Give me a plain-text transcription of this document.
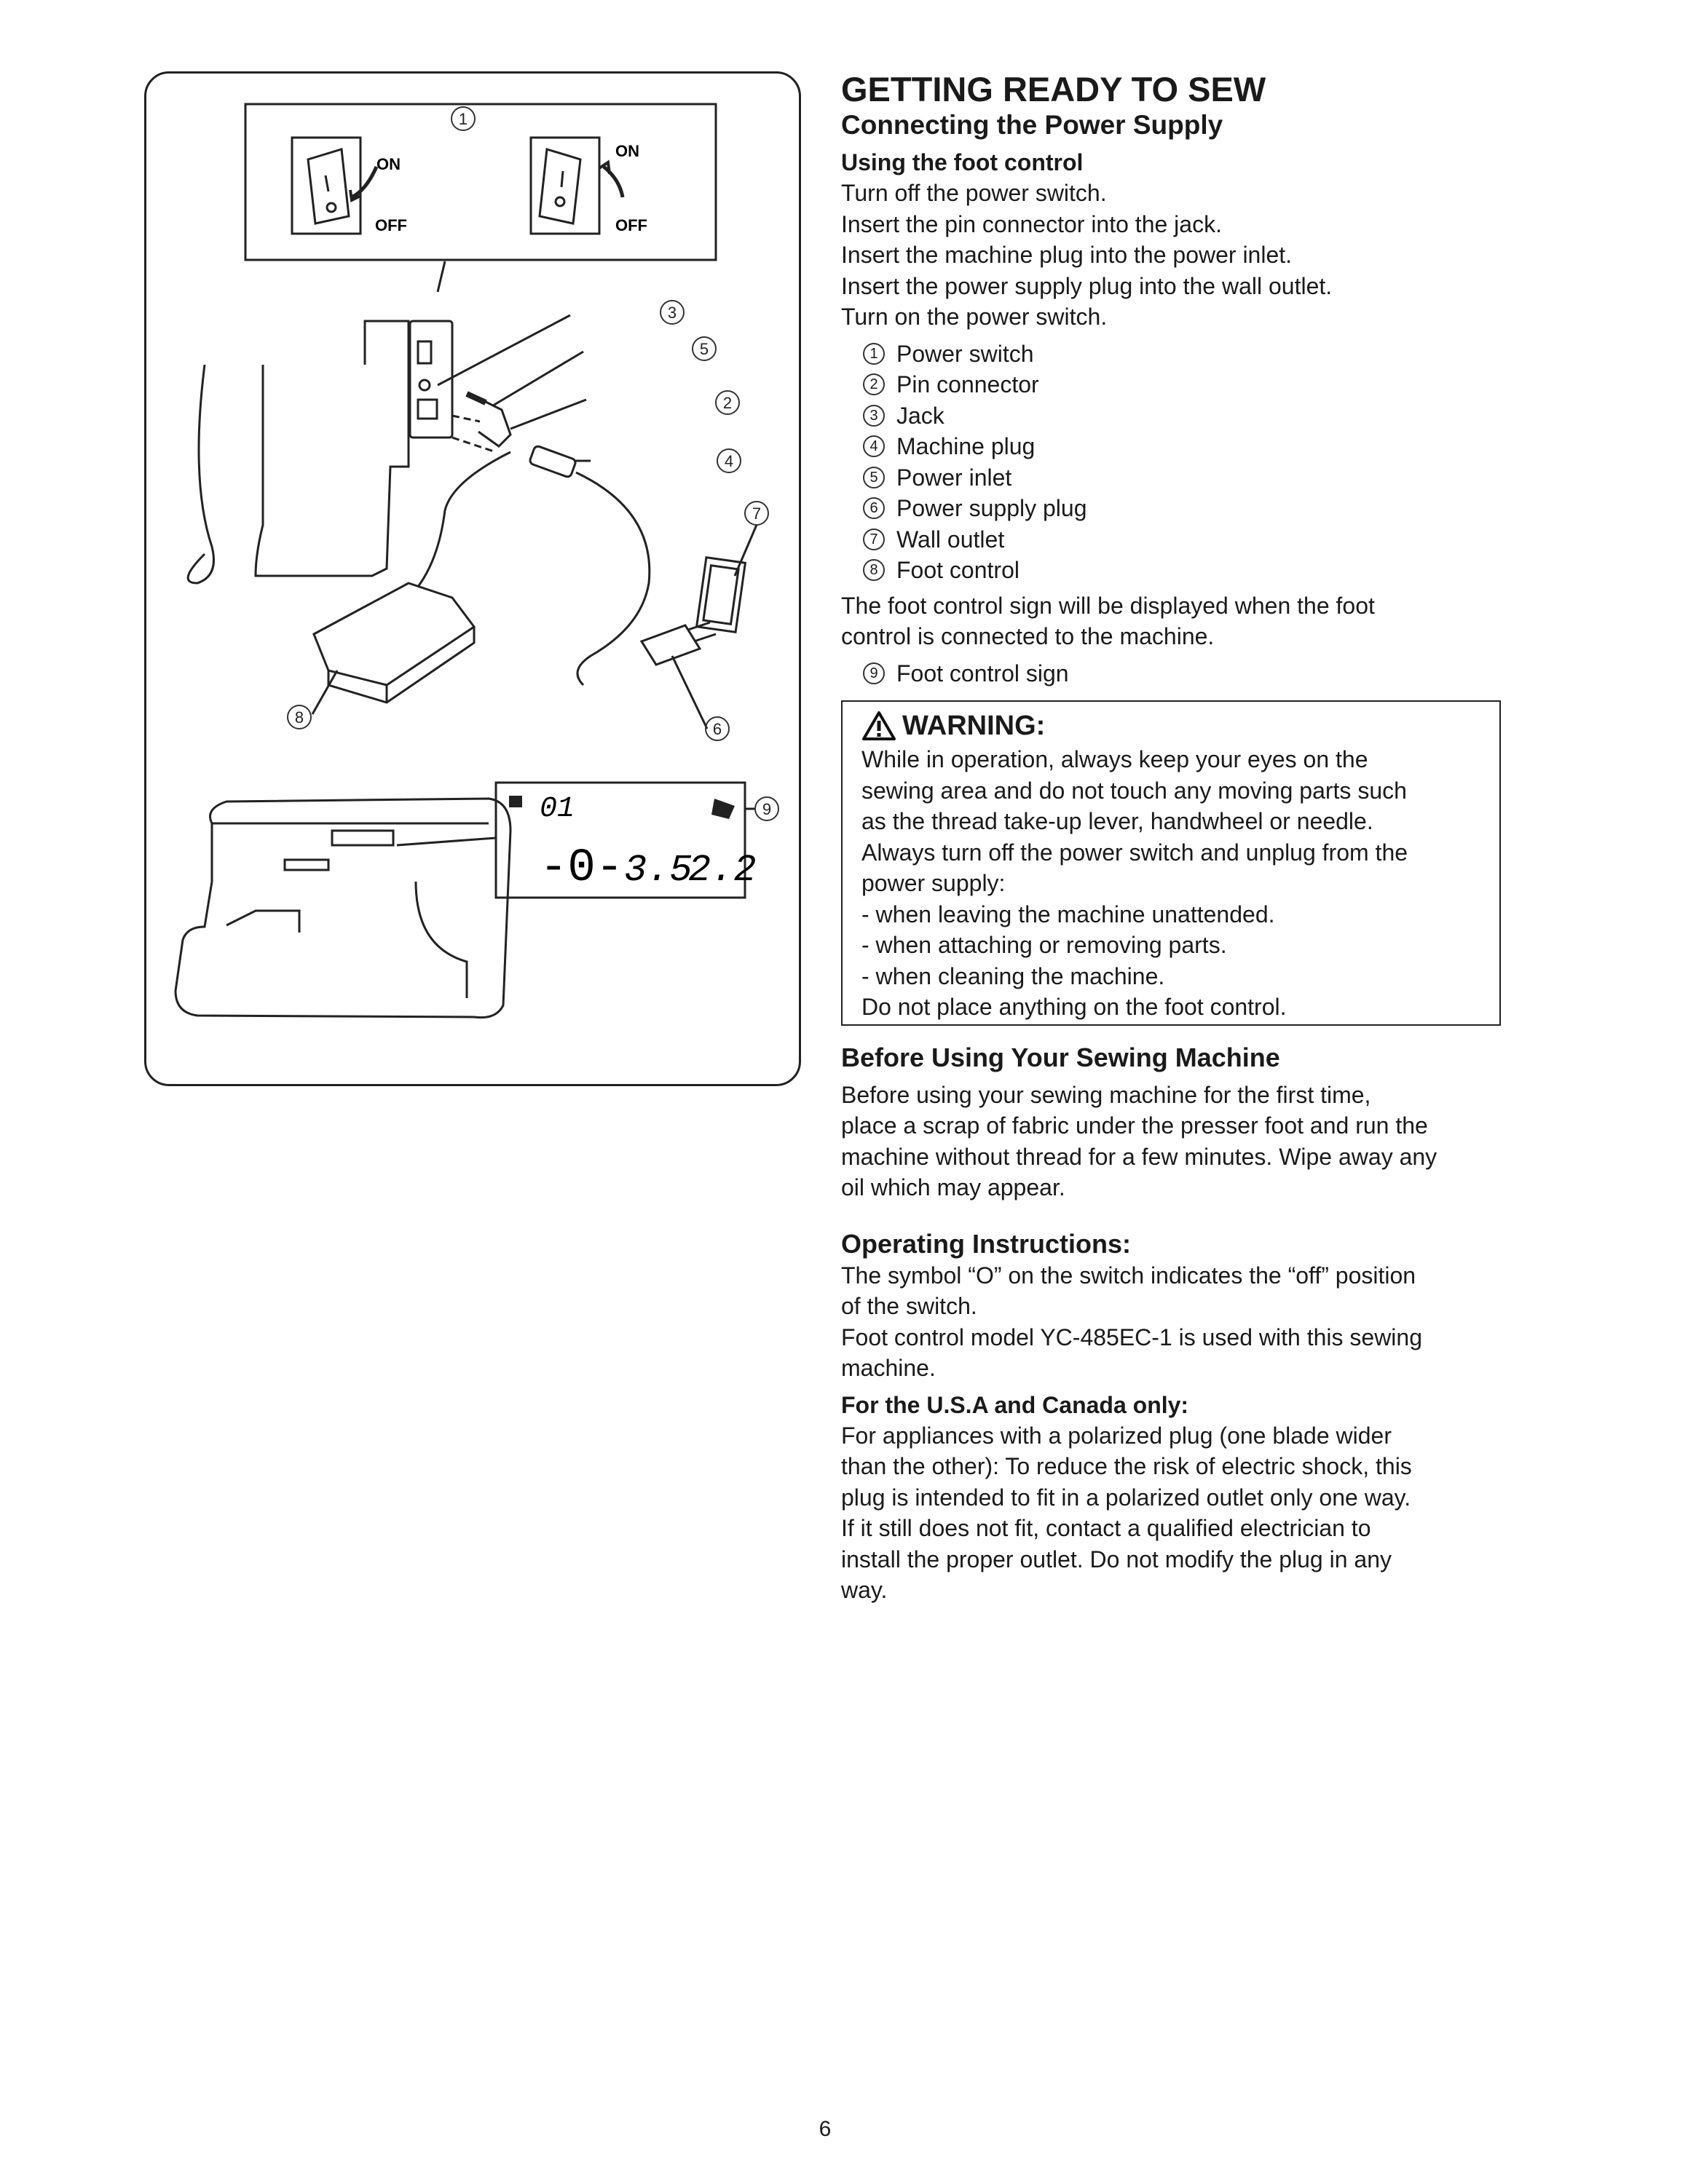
ON
OFF
ON
OFF
01
-0- 3.5
2.2
1
2
3
4
5
6
7
8
9
GETTING READY TO SEW
Connecting the Power Supply
Using the foot control

Turn off the power switch.
Insert the pin connector into the jack.
Insert the machine plug into the power inlet.
Insert the power supply plug into the wall outlet.
Turn on the power switch.

1 Power switch
2 Pin connector
3 Jack
4 Machine plug
5 Power inlet
6 Power supply plug
7 Wall outlet
8 Foot control

The foot control sign will be displayed when the foot
control is connected to the machine.

9 Foot control sign
WARNING:

While in operation, always keep your eyes on the
sewing area and do not touch any moving parts such
as the thread take-up lever, handwheel or needle.
Always turn off the power switch and unplug from the
power supply:
- when leaving the machine unattended.
- when attaching or removing parts.
- when cleaning the machine.
Do not place anything on the foot control.

Before Using Your Sewing Machine

Before using your sewing machine for the first time,
place a scrap of fabric under the presser foot and run the
machine without thread for a few minutes. Wipe away any
oil which may appear.

Operating Instructions:

The symbol “O” on the switch indicates the “off” position
of the switch.
Foot control model YC-485EC-1 is used with this sewing
machine.

For the U.S.A and Canada only:

For appliances with a polarized plug (one blade wider
than the other): To reduce the risk of electric shock, this
plug is intended to fit in a polarized outlet only one way.
If it still does not fit, contact a qualified electrician to
install the proper outlet. Do not modify the plug in any
way.

6
